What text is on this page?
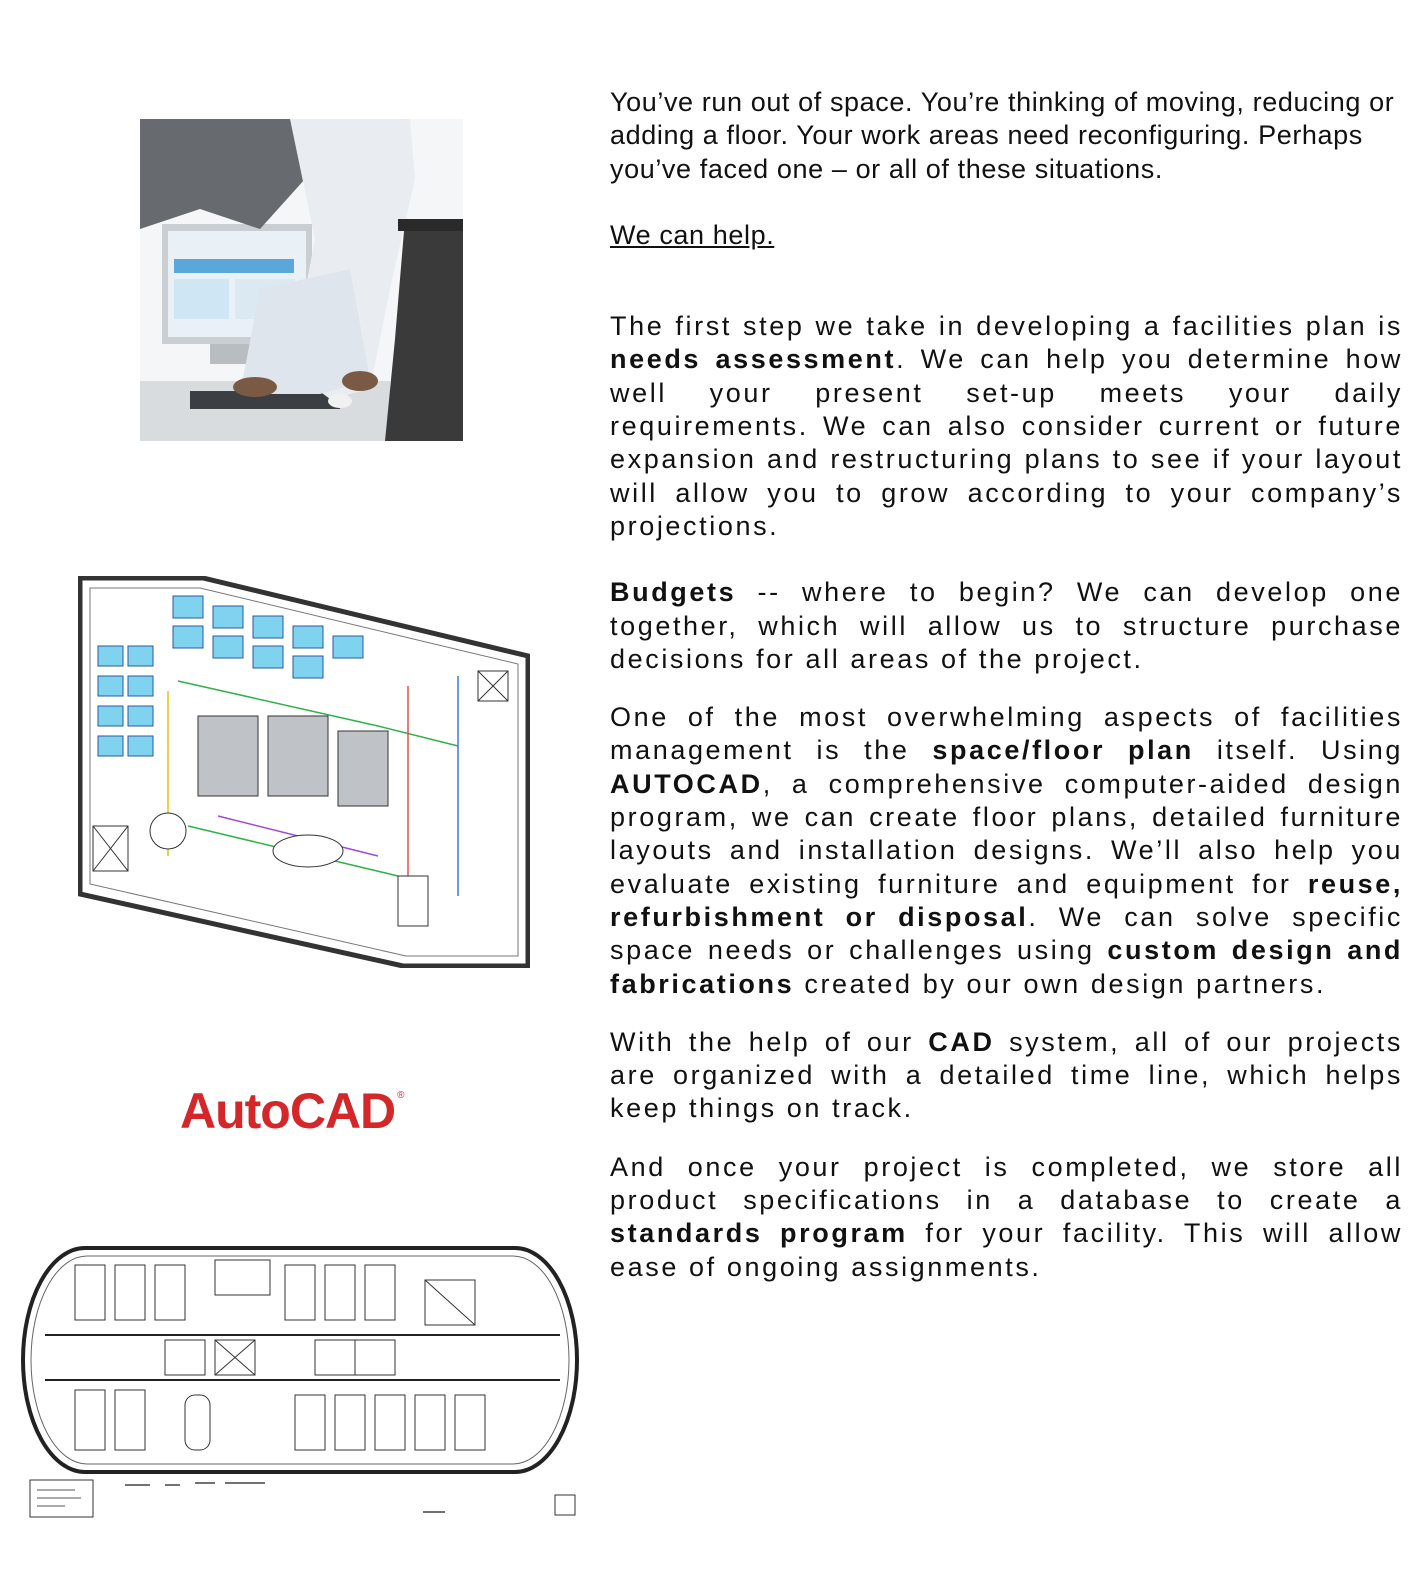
AutoCAD ®

You’ve run out of space. You’re thinking of moving, reducing or adding a floor. Your work areas need reconfiguring. Perhaps you’ve faced one – or all of these situations.

We can help.

The first step we take in developing a facilities plan is needs assessment. We can help you determine how well your present set-up meets your daily requirements. We can also consider current or future expansion and restructuring plans to see if your layout will allow you to grow according to your company’s projections.

Budgets -- where to begin? We can develop one together, which will allow us to structure purchase decisions for all areas of the project.

One of the most overwhelming aspects of facilities management is the space/floor plan itself. Using AUTOCAD, a comprehensive computer-aided design program, we can create floor plans, detailed furniture layouts and installation designs. We’ll also help you evaluate existing furniture and equipment for reuse, refurbishment or disposal. We can solve specific space needs or challenges using custom design and fabrications created by our own design partners.

With the help of our CAD system, all of our projects are organized with a detailed time line, which helps keep things on track.

And once your project is completed, we store all product specifications in a database to create a standards program for your facility. This will allow ease of ongoing assignments.
